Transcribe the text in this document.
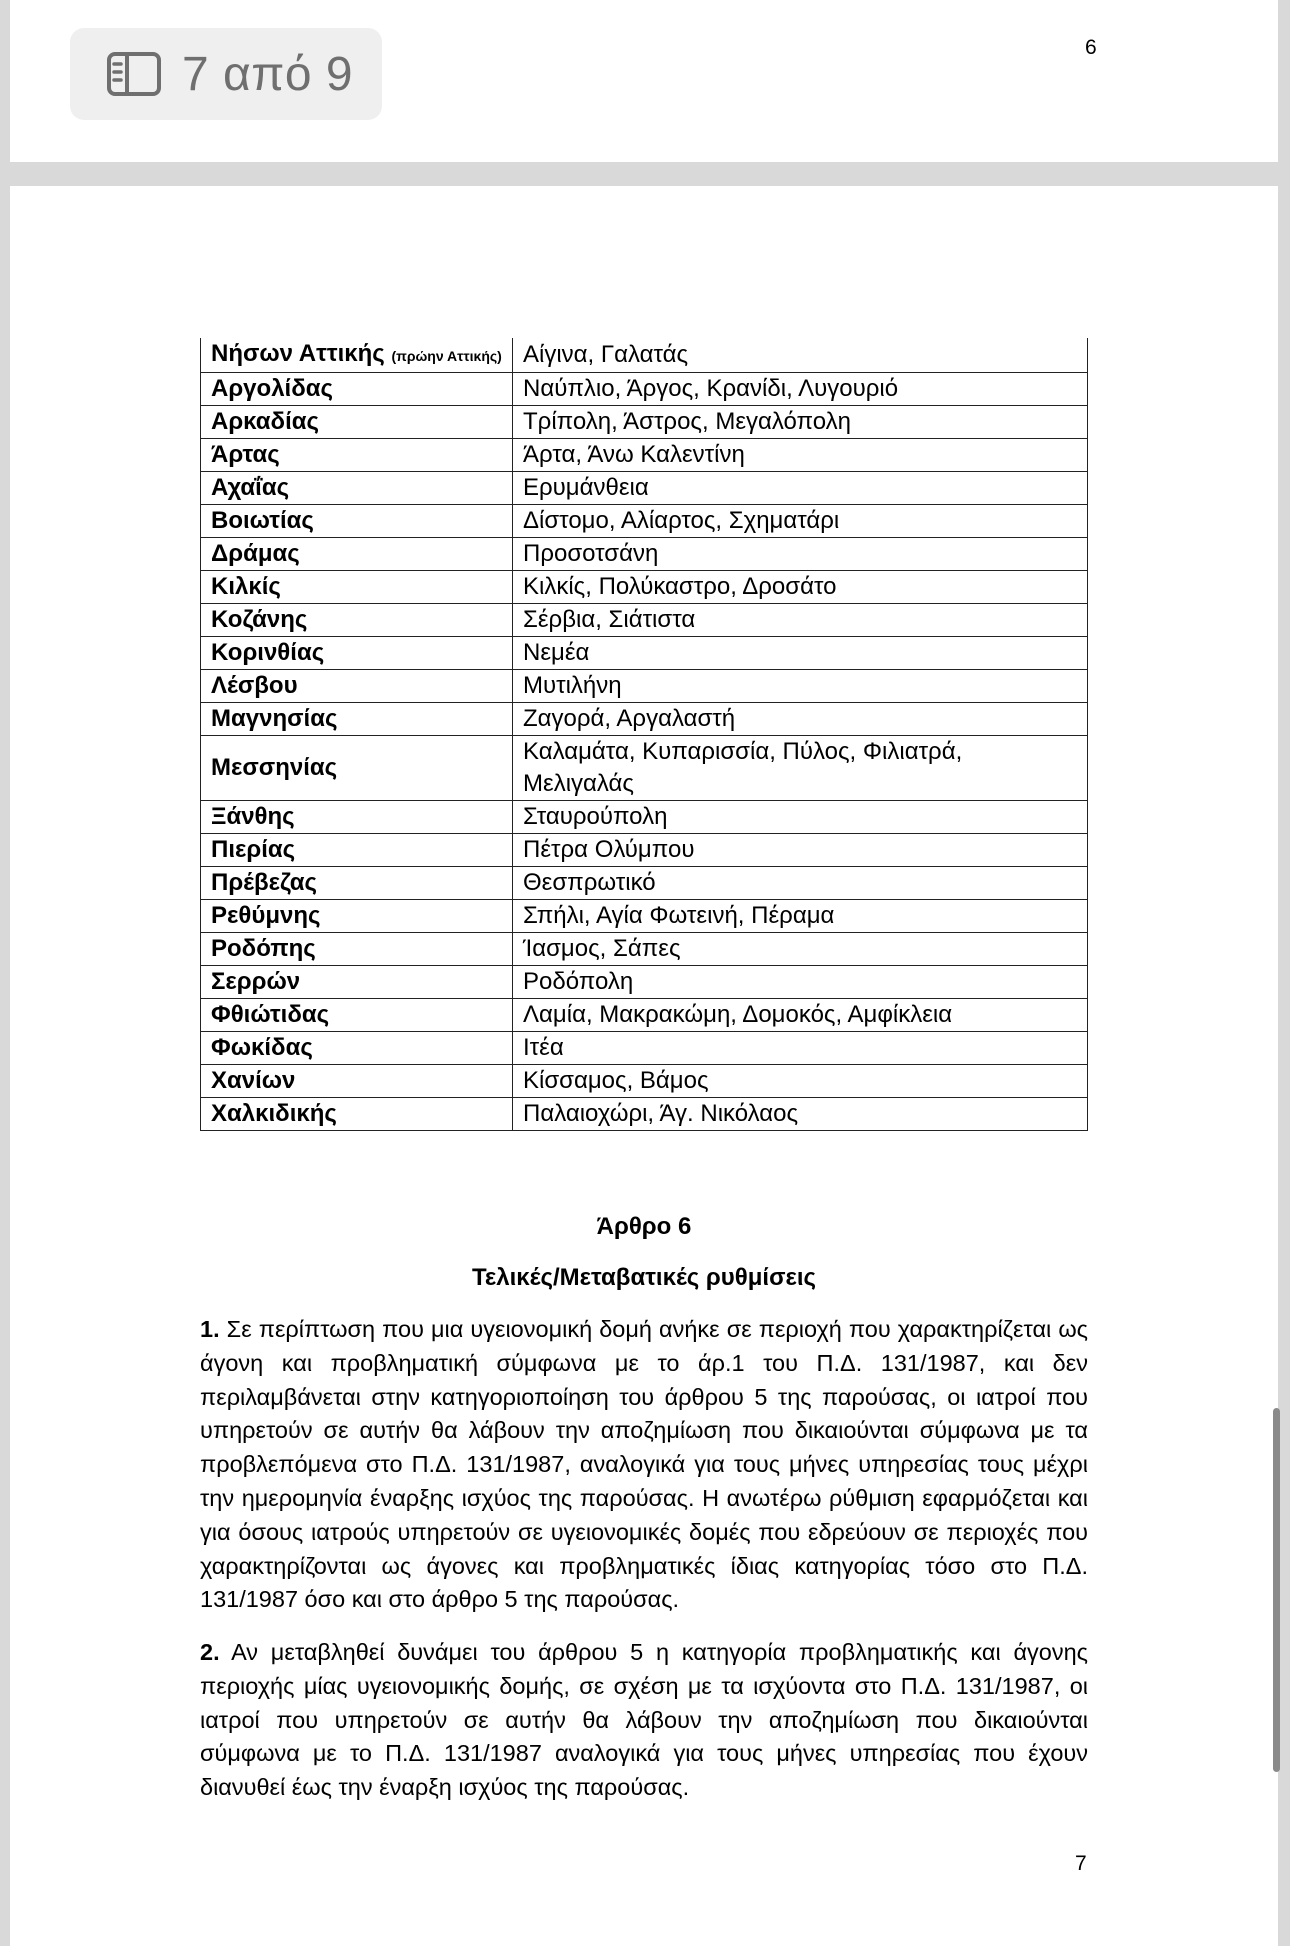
7 από 9	6
Νήσων Αττικής (πρώην Αττικής)	Αίγινα, Γαλατάς
Αργολίδας	Ναύπλιο, Άργος, Κρανίδι, Λυγουριό
Αρκαδίας	Τρίπολη, Άστρος, Μεγαλόπολη
Άρτας	Άρτα, Άνω Καλεντίνη
Αχαΐας	Ερυμάνθεια
Βοιωτίας	Δίστομο, Αλίαρτος, Σχηματάρι
Δράμας	Προσοτσάνη
Κιλκίς	Κιλκίς, Πολύκαστρο, Δροσάτο
Κοζάνης	Σέρβια, Σιάτιστα
Κορινθίας	Νεμέα
Λέσβου	Μυτιλήνη
Μαγνησίας	Ζαγορά, Αργαλαστή
Μεσσηνίας	Καλαμάτα, Κυπαρισσία, Πύλος, Φιλιατρά, Μελιγαλάς
Ξάνθης	Σταυρούπολη
Πιερίας	Πέτρα Ολύμπου
Πρέβεζας	Θεσπρωτικό
Ρεθύμνης	Σπήλι, Αγία Φωτεινή, Πέραμα
Ροδόπης	Ίασμος, Σάπες
Σερρών	Ροδόπολη
Φθιώτιδας	Λαμία, Μακρακώμη, Δομοκός, Αμφίκλεια
Φωκίδας	Ιτέα
Χανίων	Κίσσαμος, Βάμος
Χαλκιδικής	Παλαιοχώρι, Άγ. Νικόλαος
Άρθρο 6
Τελικές/Μεταβατικές ρυθμίσεις

1. Σε περίπτωση που μια υγειονομική δομή ανήκε σε περιοχή που χαρακτηρίζεται ως άγονη και προβληματική σύμφωνα με το άρ.1 του Π.Δ. 131/1987, και δεν περιλαμβάνεται στην κατηγοριοποίηση του άρθρου 5 της παρούσας, οι ιατροί που υπηρετούν σε αυτήν θα λάβουν την αποζημίωση που δικαιούνται σύμφωνα με τα προβλεπόμενα στο Π.Δ. 131/1987, αναλογικά για τους μήνες υπηρεσίας τους μέχρι την ημερομηνία έναρξης ισχύος της παρούσας. Η ανωτέρω ρύθμιση εφαρμόζεται και για όσους ιατρούς υπηρετούν σε υγειονομικές δομές που εδρεύουν σε περιοχές που χαρακτηρίζονται ως άγονες και προβληματικές ίδιας κατηγορίας τόσο στο Π.Δ. 131/1987 όσο και στο άρθρο 5 της παρούσας.

2. Αν μεταβληθεί δυνάμει του άρθρου 5 η κατηγορία προβληματικής και άγονης περιοχής μίας υγειονομικής δομής, σε σχέση με τα ισχύοντα στο Π.Δ. 131/1987, οι ιατροί που υπηρετούν σε αυτήν θα λάβουν την αποζημίωση που δικαιούνται σύμφωνα με το Π.Δ. 131/1987 αναλογικά για τους μήνες υπηρεσίας που έχουν διανυθεί έως την έναρξη ισχύος της παρούσας.

7
